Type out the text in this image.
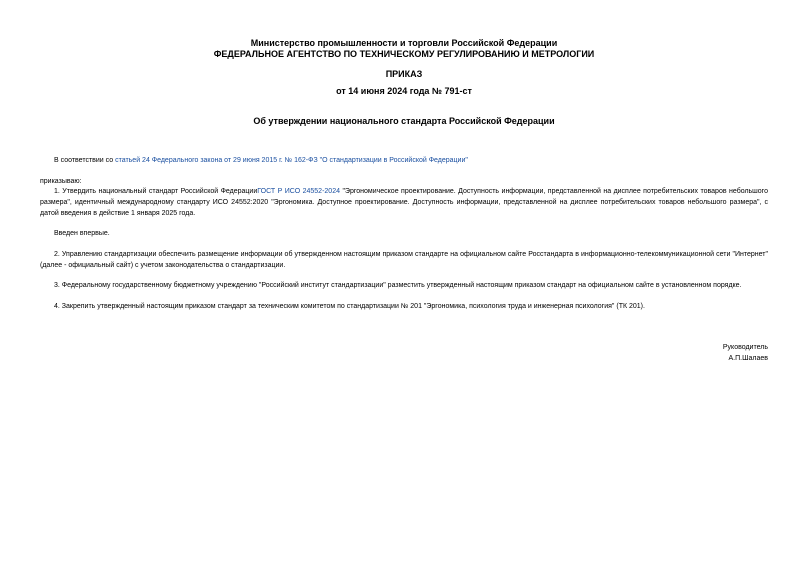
Министерство промышленности и торговли Российской Федерации
ФЕДЕРАЛЬНОЕ АГЕНТСТВО ПО ТЕХНИЧЕСКОМУ РЕГУЛИРОВАНИЮ И МЕТРОЛОГИИ
ПРИКАЗ
от 14 июня 2024 года № 791-ст
Об утверждении национального стандарта Российской Федерации
В соответствии со статьей 24 Федерального закона от 29 июня 2015 г. № 162-ФЗ "О стандартизации в Российской Федерации"
приказываю:
1. Утвердить национальный стандарт Российской ФедерацииГОСТ Р ИСО 24552-2024 "Эргономическое проектирование. Доступность информации, представленной на дисплее потребительских товаров небольшого размера", идентичный международному стандарту ИСО 24552:2020 "Эргономика. Доступное проектирование. Доступность информации, представленной на дисплее потребительских товаров небольшого размера", с датой введения в действие 1 января 2025 года.
Введен впервые.
2. Управлению стандартизации обеспечить размещение информации об утвержденном настоящим приказом стандарте на официальном сайте Росстандарта в информационно-телекоммуникационной сети "Интернет" (далее - официальный сайт) с учетом законодательства о стандартизации.
3. Федеральному государственному бюджетному учреждению "Российский институт стандартизации" разместить утвержденный настоящим приказом стандарт на официальном сайте в установленном порядке.
4. Закрепить утвержденный настоящим приказом стандарт за техническим комитетом по стандартизации № 201 "Эргономика, психология труда и инженерная психология" (ТК 201).
Руководитель
А.П.Шалаев
